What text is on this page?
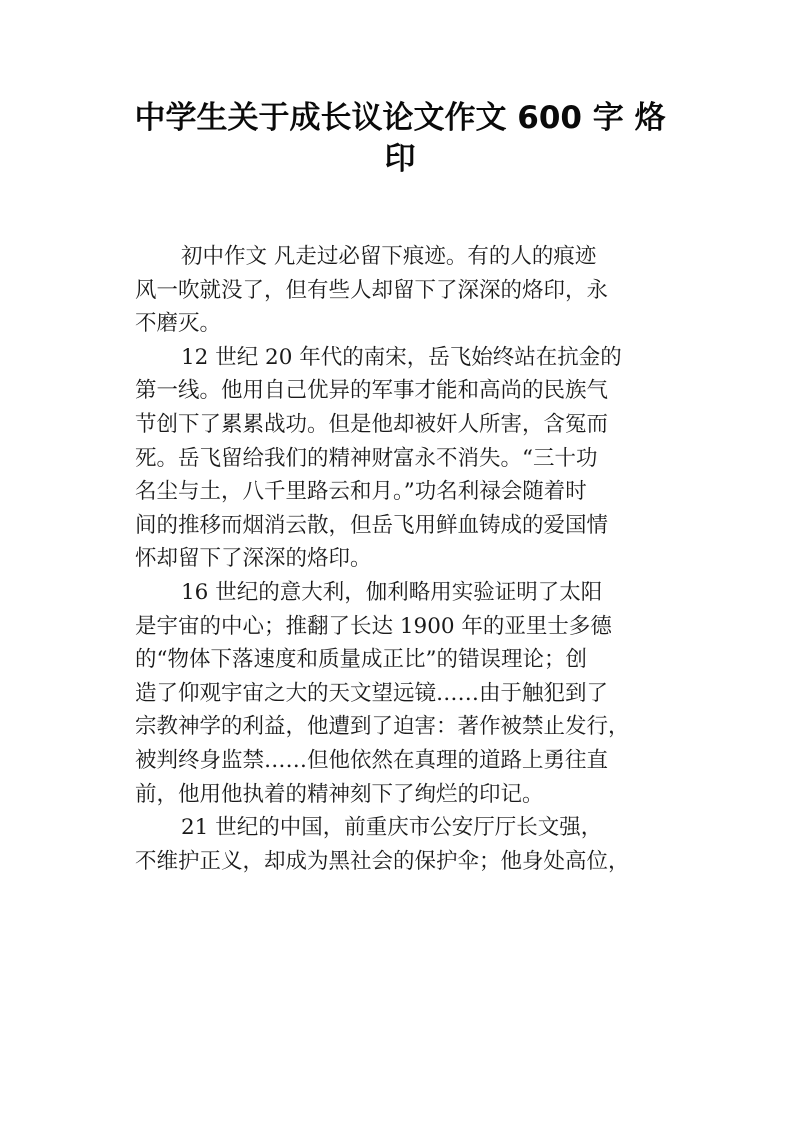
中学生关于成长议论文作文 600 字 烙
印
初中作文 凡走过必留下痕迹。有的人的痕迹
风一吹就没了，但有些人却留下了深深的烙印，永
不磨灭。
12 世纪 20 年代的南宋，岳飞始终站在抗金的
第一线。他用自己优异的军事才能和高尚的民族气
节创下了累累战功。但是他却被奸人所害，含冤而
死。岳飞留给我们的精神财富永不消失。“三十功
名尘与土，八千里路云和月。”功名利禄会随着时
间的推移而烟消云散，但岳飞用鲜血铸成的爱国情
怀却留下了深深的烙印。
16 世纪的意大利，伽利略用实验证明了太阳
是宇宙的中心；推翻了长达 1900 年的亚里士多德
的“物体下落速度和质量成正比”的错误理论；创
造了仰观宇宙之大的天文望远镜……由于触犯到了
宗教神学的利益，他遭到了迫害：著作被禁止发行，
被判终身监禁……但他依然在真理的道路上勇往直
前，他用他执着的精神刻下了绚烂的印记。
21 世纪的中国，前重庆市公安厅厅长文强，
不维护正义，却成为黑社会的保护伞；他身处高位，
